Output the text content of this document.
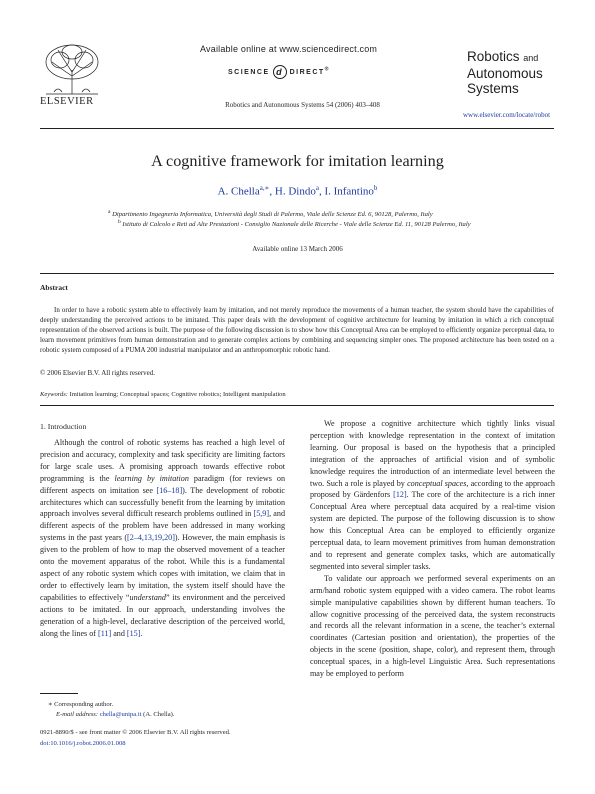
ELSEVIER
Available online at www.sciencedirect.com
SCIENCE d DIRECT®
Robotics and Autonomous Systems 54 (2006) 403–408
Robotics and
Autonomous
Systems
www.elsevier.com/locate/robot
A cognitive framework for imitation learning
A. Chella$^{a,∗}$, H. Dindo$^a$, I. Infantino$^b$
$^a$ Dipartimento Ingegneria Informatica, Università degli Studi di Palermo, Viale delle Scienze Ed. 6, 90128, Palermo, Italy
$^b$ Istituto di Calcolo e Reti ad Alte Prestazioni - Consiglio Nazionale delle Ricerche - Viale delle Scienze Ed. 11, 90128 Palermo, Italy
Available online 13 March 2006
Abstract
In order to have a robotic system able to effectively learn by imitation, and not merely reproduce the movements of a human teacher, the system should have the capabilities of deeply understanding the perceived actions to be imitated. This paper deals with the development of cognitive architecture for learning by imitation in which a rich conceptual representation of the observed actions is built. The purpose of the following discussion is to show how this Conceptual Area can be employed to efficiently organize perceptual data, to learn movement primitives from human demonstration and to generate complex actions by combining and sequencing simpler ones. The proposed architecture has been tested on a robotic system composed of a PUMA 200 industrial manipulator and an anthropomorphic robotic hand.
© 2006 Elsevier B.V. All rights reserved.
Keywords: Imitation learning; Conceptual spaces; Cognitive robotics; Intelligent manipulation
1. Introduction

Although the control of robotic systems has reached a high level of precision and accuracy, complexity and task specificity are limiting factors for large scale uses. A promising approach towards effective robot programming is the learning by imitation paradigm (for reviews on different aspects on imitation see [16–18]). The development of robotic architectures which can successfully benefit from the learning by imitation approach involves several difficult research problems outlined in [5,9], and different aspects of the problem have been addressed in many working systems in the past years ([2–4,13,19,20]). However, the main emphasis is given to the problem of how to map the observed movement of a teacher onto the movement apparatus of the robot. While this is a fundamental aspect of any robotic system which copes with imitation, we claim that in order to effectively learn by imitation, the system itself should have the capabilities to effectively “understand” its environment and the perceived actions to be imitated. In our approach, understanding involves the generation of a high-level, declarative description of the perceived world, along the lines of [11] and [15].

We propose a cognitive architecture which tightly links visual perception with knowledge representation in the context of imitation learning. Our proposal is based on the hypothesis that a principled integration of the approaches of artificial vision and of symbolic knowledge requires the introduction of an intermediate level between the two. Such a role is played by conceptual spaces, according to the approach proposed by Gärdenfors [12]. The core of the architecture is a rich inner Conceptual Area where perceptual data acquired by a real-time vision system are depicted. The purpose of the following discussion is to show how this Conceptual Area can be employed to efficiently organize perceptual data, to learn movement primitives from human demonstration and to represent and generate complex tasks, which are automatically segmented into several simpler tasks.

To validate our approach we performed several experiments on an arm/hand robotic system equipped with a video camera. The robot learns simple manipulative capabilities shown by different human teachers. To allow cognitive processing of the perceived data, the system reconstructs and records all the relevant information in a scene, the teacher’s external coordinates (Cartesian position and orientation), the properties of the objects in the scene (position, shape, color), and represent them, through conceptual spaces, in a high-level Linguistic Area. Such representations may be employed to perform

∗ Corresponding author.
E-mail address: chella@unipa.it (A. Chella).
0921-8890/$ - see front matter © 2006 Elsevier B.V. All rights reserved.
doi:10.1016/j.robot.2006.01.008
